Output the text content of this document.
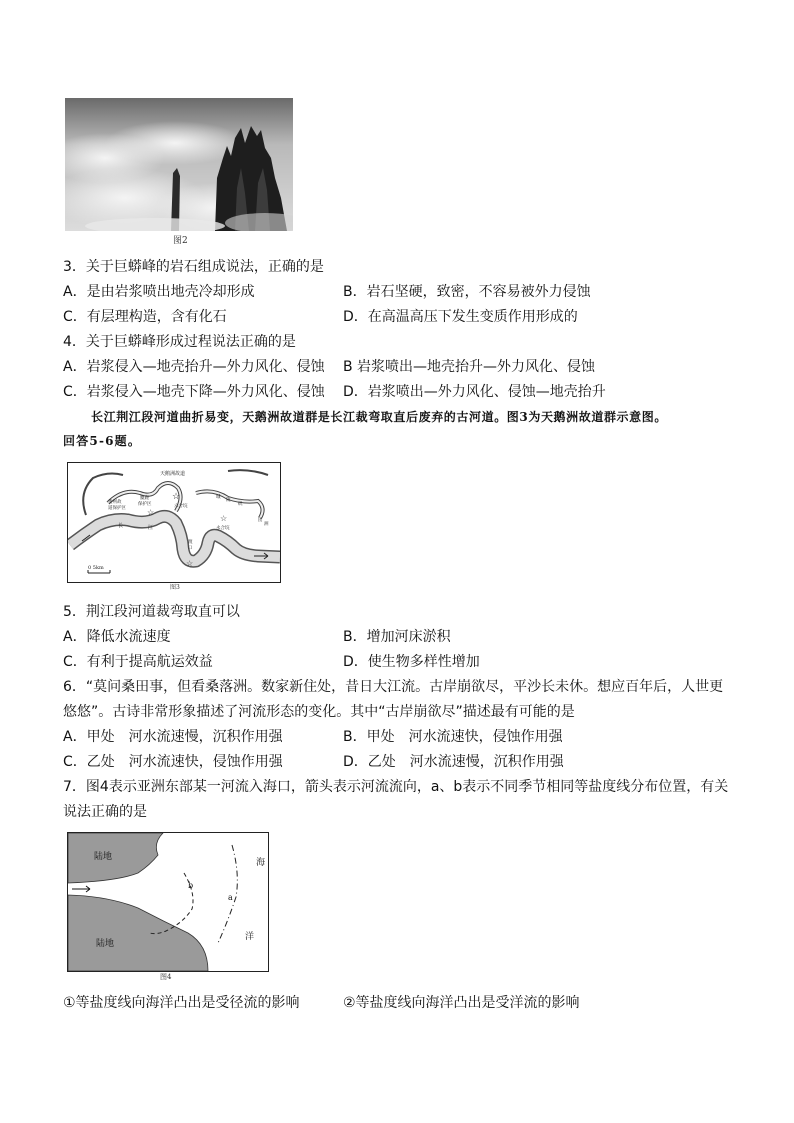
图2
3．关于巨蟒峰的岩石组成说法，正确的是
A．是由岩浆喷出地壳冷却形成	B．岩石坚硬，致密，不容易被外力侵蚀
C．有层理构造，含有化石	D．在高温高压下发生变质作用形成的
4．关于巨蟒峰形成过程说法正确的是
A．岩浆侵入—地壳抬升—外力风化、侵蚀 B 岩浆喷出—地壳抬升—外力风化、侵蚀
C．岩浆侵入—地壳下降—外力风化、侵蚀 D．岩浆喷出—外力风化、侵蚀—地壳抬升
长江荆江段河道曲折易变，天鹅洲故道群是长江裁弯取直后废弃的古河道。图3为天鹅洲故道群示意图。
回答5-6题。
☆
☆
☆
☆
天鹅洲故道
麋鹿
保护区
黄州故
道保护区	六合垸
永合垸
长	江
城
陵
矶
团
洲
渡
口
0 5km
图3
5．荆江段河道裁弯取直可以
A．降低水流速度	B．增加河床淤积
C．有利于提高航运效益	D．使生物多样性增加
6．“莫问桑田事，但看桑落洲。数家新住处，昔日大江流。古岸崩欲尽，平沙长未休。想应百年后，人世更
悠悠”。古诗非常形象描述了河流形态的变化。其中“古岸崩欲尽”描述最有可能的是
A．甲处　河水流速慢，沉积作用强	B．甲处　河水流速快，侵蚀作用强
C．乙处　河水流速快，侵蚀作用强	D．乙处　河水流速慢，沉积作用强
7．图4表示亚洲东部某一河流入海口，箭头表示河流流向，a、b表示不同季节相同等盐度线分布位置，有关
说法正确的是
陆地
陆地
海
洋
b
a
图4
①等盐度线向海洋凸出是受径流的影响	②等盐度线向海洋凸出是受洋流的影响
